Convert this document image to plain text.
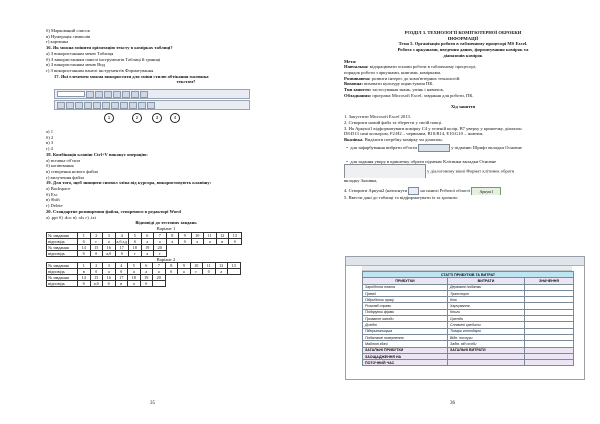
б) Маркований список
в) Нумерація символів
г) картинка
16. Як можна змінити орієнтацію тексту в комірках таблиці?
а) З використанням меню Таблиця
б) З використанням панелі інструментів Таблиці й границі
в) З використанням меню Вид
г) З використанням панелі інструментів Форматування
17. Які елементи можна використати для зміни стилю обтікання малюнка
текстом?
1	2	3	4
а) 1
б) 2
в) 3
г) 4
18. Комбінація клавіш Ctrl+V виконує операцію:
а) вставка об'єкта
б) копіювання
в) створення нового файла
г) вилучення файла
19. Для того, щоб знищити символ зліва від курсора, використовують клавішу:
а) Backspace
б) Esc
в) Shift
г) Delete
20. Стандартне розширення файла, створеного в редакторі Word
а) .ppt б) .doc в) .xls г) .txt
Відповіді до тестових завдань
Варіант 1
№ завдання	1	2	3	4	5	6	7	8	9	10	11	12	13
відповідь	б	г	а	а,б,г,д	б	а	а	а	б	а	а	в	б
№ завдання	14	15	16	17	18	19	20						
відповідь	б	б	а,б	б	г	а	г						
Варіант 2
№ завдання	1	2	3	4	5	6	7	8	9	10	11	12	13
відповідь	в	б	а	б	а	а	а	б	а	г	б	а	
№ завдання	14	15	16	17	18	19	20						
відповідь	б	а,б	б	в	а	б							
35
РОЗДІЛ 3. ТЕХНОЛОГІЇ КОМП'ЮТЕРНОЇ ОБРОБКИ
ІНФОРМАЦІЇ
Тема 5. Організація роботи в табличному процесорі MS Excel.
Робота з аркушами, введення даних, форматування комірок та
діапазонів комірок
Мета:
Навчальна: відпрацювати основи роботи в табличному процесорі,
порядок роботи з аркушами, книгами, комірками.
Розвиваюча: розвити інтерес до комп'ютерних технологій.
Виховна: виховати культуру користувача ПК.
Тип заняття: застосування знань, умінь і навичок.
Обладнання: програма Microsoft Excel, завдання для роботи, ПК.
Хід заняття
1. Запустити Microsoft Excel 2013.
2. Створити новий файл та зберегти у своїй папці.
3. На Аркуші1 відформатувати комірку C4 у зеленій колір, B7 уверху у кришечку, діапазон
D8:D13 сині кольором, F2:H2 – червоним, B10:B14, E10:G10 – жовтим.
Вказівка. Виділити потрібну комірку чи діапазон,
•  для зафарбування вибрати об'єкти	у підменю Шрифт вкладки Основне
•  для задання увору в кришечку обрати підменю Клітинки вкладки Основне
у діалоговому вікні Формат клітинок обрати
вкладку Заливка,
4. Створити Аркуш2 (натиснути	на панелі Робочої області Аркуш1
5. Ввести дані до таблиці та відформатувати їх за зразком:
36
СТАТТІ ПРИБУТКІВ ТА ВИТРАТ		
ПРИБУТКИ	ВИТРАТИ	ЗНАЧЕННЯ
Заробітна плата	Державні податки	
Премії	Транспорт	
Підробіток праці	Кіно	
Розгляд справи	Харчування	
Подарунки фірми	Книги	
Приватні заходи	Оренда	
Дохідні	Сплачені кредити	
Підприємницька	Товари господарчі	
Податкові повернення	Відп. послуги	
Майнові здачі	Задів. від особи	
ЗАГАЛЬНІ ПРИБУТКИ	ЗАГАЛЬНІ ВИТРАТИ	
ЗАОЩАДЖЕННЯ НА		
ПОТОЧНИЙ ЧАС		
